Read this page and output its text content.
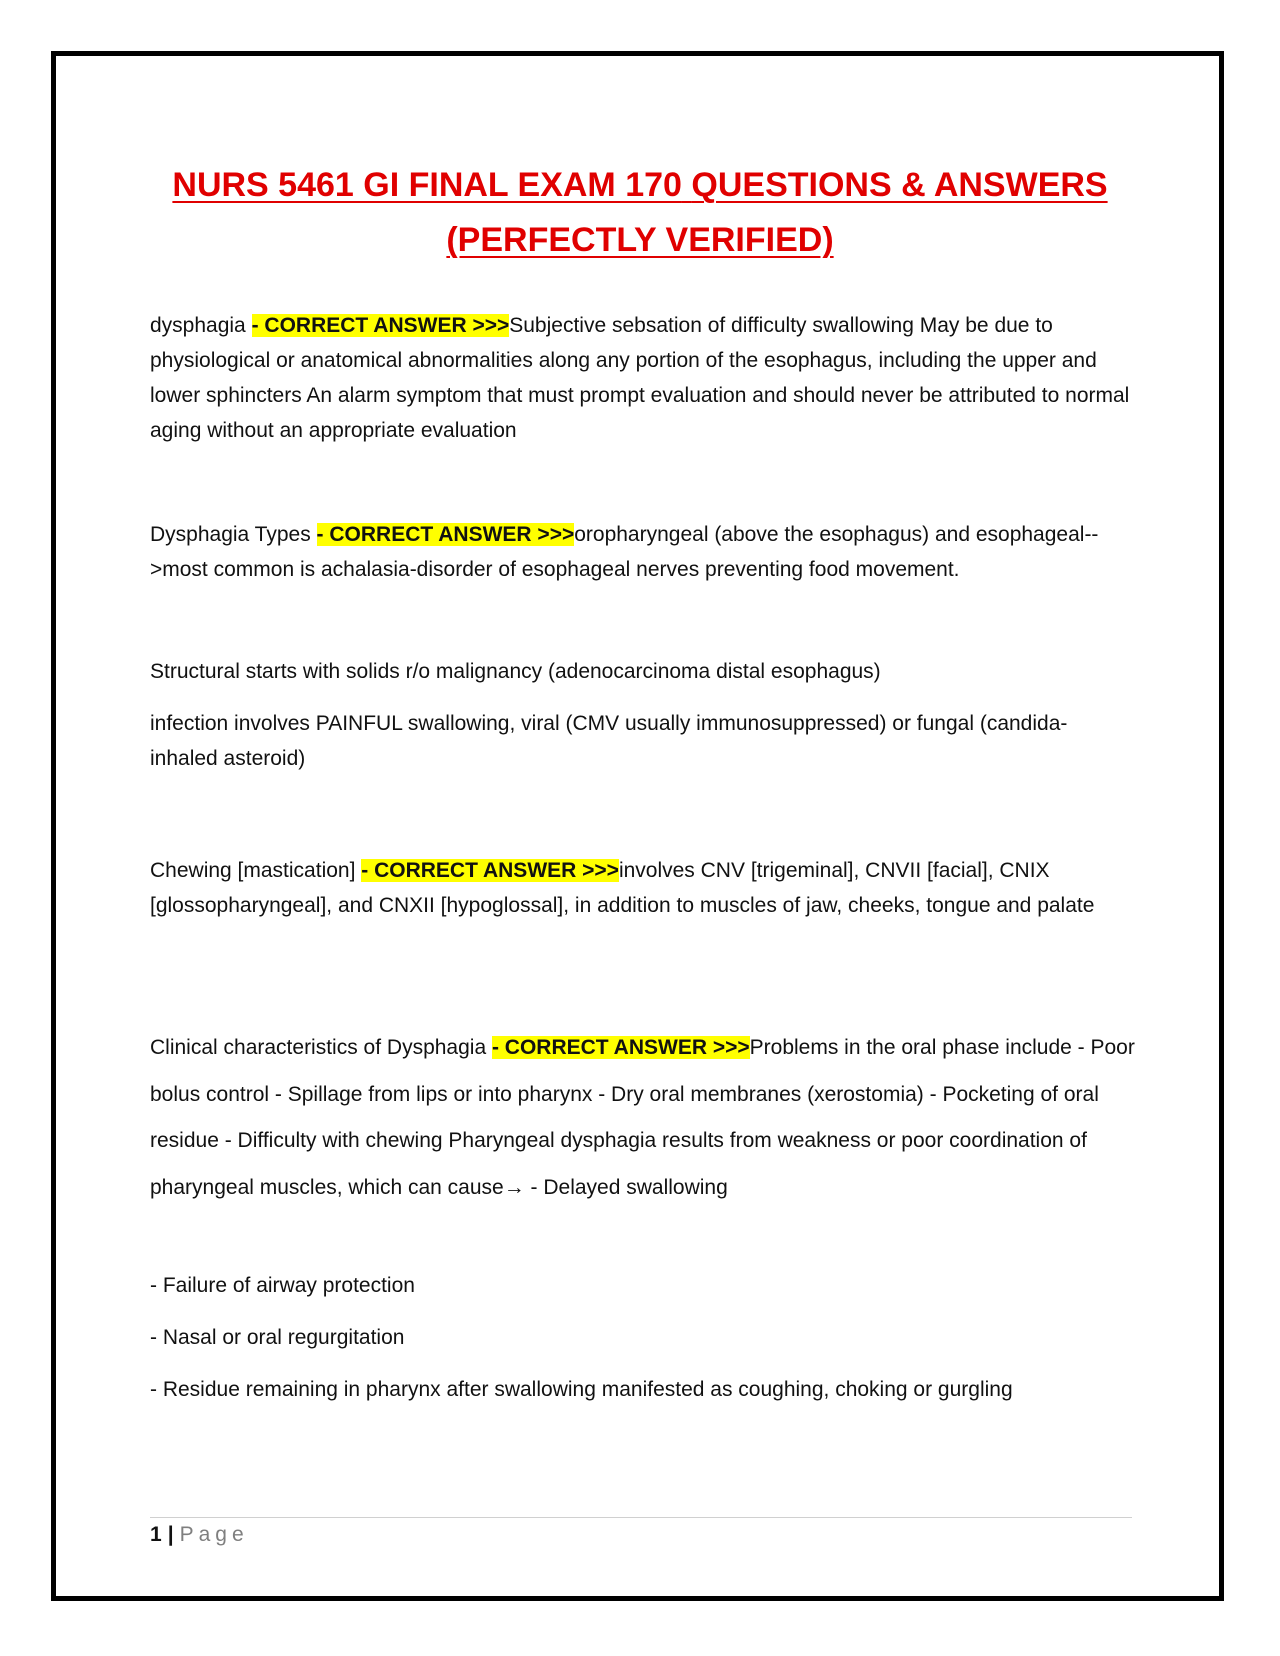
NURS 5461 GI FINAL EXAM 170 QUESTIONS & ANSWERS
(PERFECTLY VERIFIED)

dysphagia - CORRECT ANSWER >>>Subjective sebsation of difficulty swallowing May be due to physiological or anatomical abnormalities along any portion of the esophagus, including the upper and lower sphincters An alarm symptom that must prompt evaluation and should never be attributed to normal aging without an appropriate evaluation

Dysphagia Types - CORRECT ANSWER >>>oropharyngeal (above the esophagus) and esophageal-->most common is achalasia-disorder of esophageal nerves preventing food movement.

Structural starts with solids r/o malignancy (adenocarcinoma distal esophagus)

infection involves PAINFUL swallowing, viral (CMV usually immunosuppressed) or fungal (candida-inhaled asteroid)

Chewing [mastication] - CORRECT ANSWER >>>involves CNV [trigeminal], CNVII [facial], CNIX [glossopharyngeal], and CNXII [hypoglossal], in addition to muscles of jaw, cheeks, tongue and palate

Clinical characteristics of Dysphagia - CORRECT ANSWER >>>Problems in the oral phase include - Poor bolus control - Spillage from lips or into pharynx - Dry oral membranes (xerostomia) - Pocketing of oral residue - Difficulty with chewing Pharyngeal dysphagia results from weakness or poor coordination of pharyngeal muscles, which can cause→ - Delayed swallowing

- Failure of airway protection

- Nasal or oral regurgitation

- Residue remaining in pharynx after swallowing manifested as coughing, choking or gurgling

1 | Page
